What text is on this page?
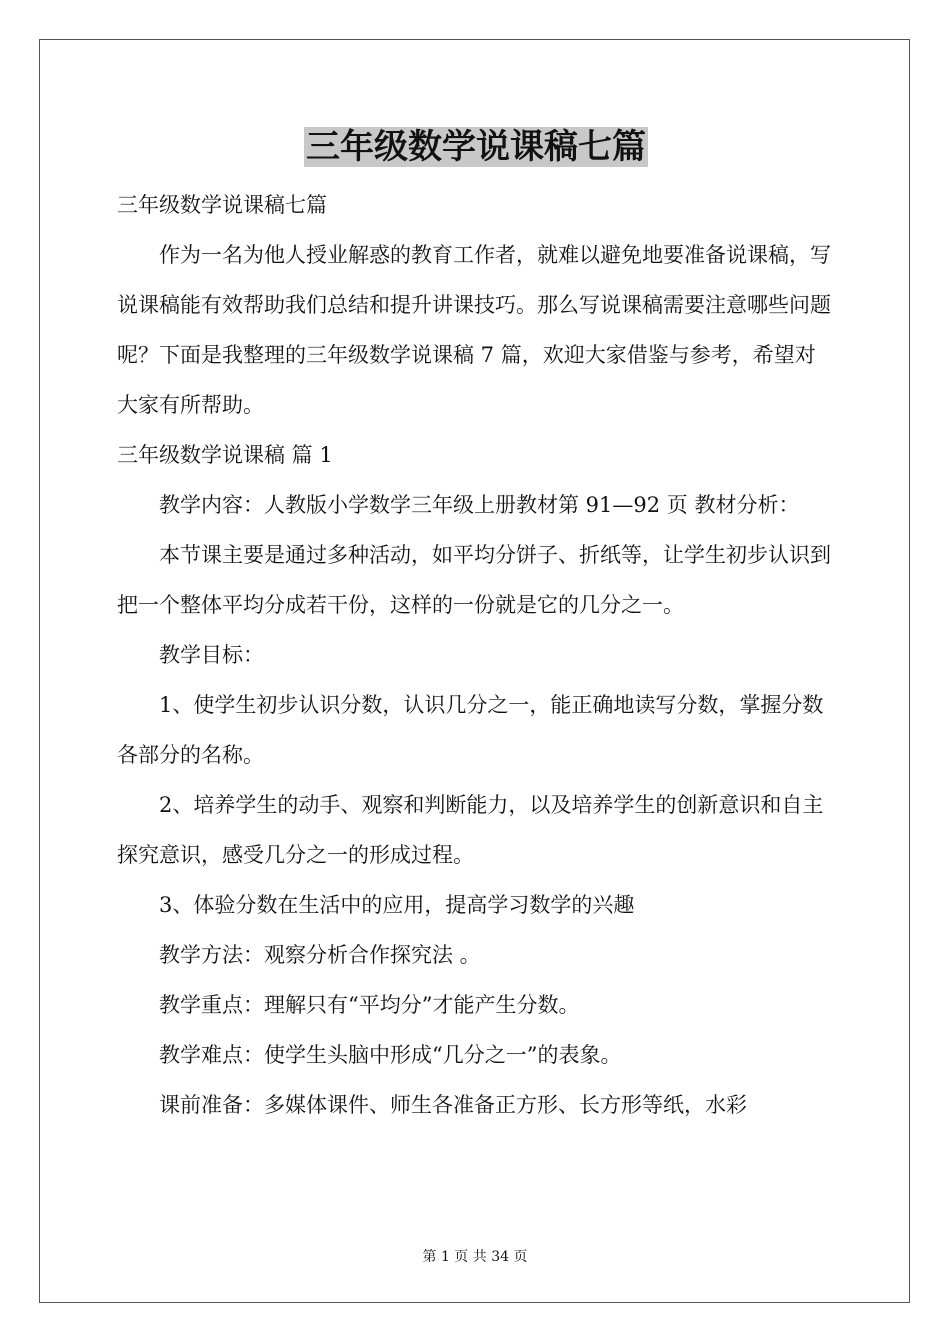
三年级数学说课稿七篇

三年级数学说课稿七篇

作为一名为他人授业解惑的教育工作者，就难以避免地要准备说课稿，写说课稿能有效帮助我们总结和提升讲课技巧。那么写说课稿需要注意哪些问题呢？下面是我整理的三年级数学说课稿 7 篇，欢迎大家借鉴与参考，希望对大家有所帮助。

三年级数学说课稿 篇 1

教学内容：人教版小学数学三年级上册教材第 91—92 页 教材分析：

本节课主要是通过多种活动，如平均分饼子、折纸等，让学生初步认识到把一个整体平均分成若干份，这样的一份就是它的几分之一。

教学目标：

1、使学生初步认识分数，认识几分之一，能正确地读写分数，掌握分数各部分的名称。

2、培养学生的动手、观察和判断能力，以及培养学生的创新意识和自主探究意识，感受几分之一的形成过程。

3、体验分数在生活中的应用，提高学习数学的兴趣

教学方法：观察分析合作探究法 。

教学重点：理解只有“平均分”才能产生分数。

教学难点：使学生头脑中形成“几分之一”的表象。

课前准备：多媒体课件、师生各准备正方形、长方形等纸，水彩

第 1 页 共 34 页
